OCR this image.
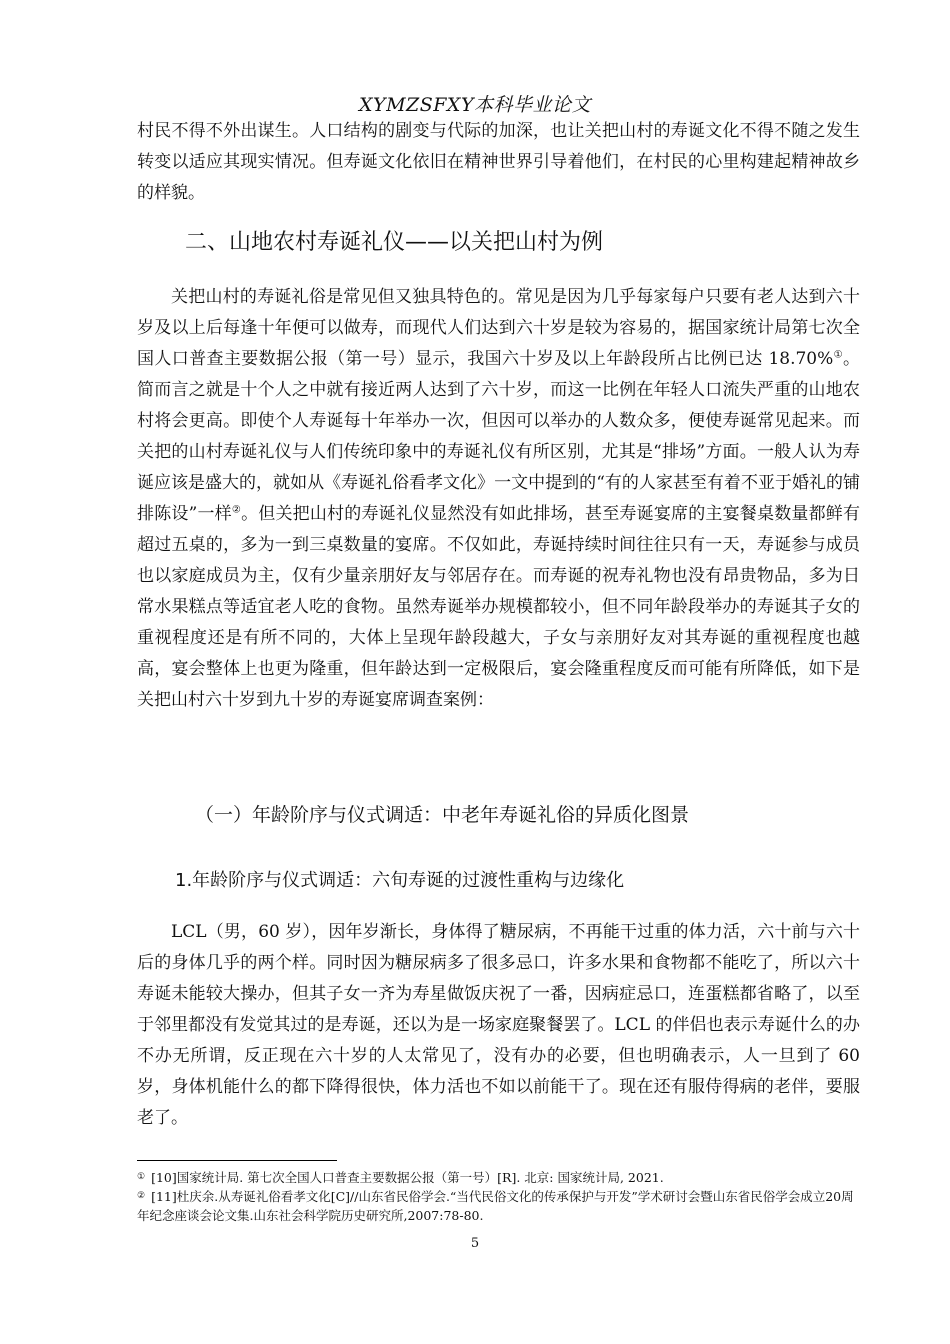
XYMZSFXY本科毕业论文

村民不得不外出谋生。人口结构的剧变与代际的加深，也让关把山村的寿诞文化不得不随之发生转变以适应其现实情况。但寿诞文化依旧在精神世界引导着他们，在村民的心里构建起精神故乡的样貌。

二、山地农村寿诞礼仪——以关把山村为例

关把山村的寿诞礼俗是常见但又独具特色的。常见是因为几乎每家每户只要有老人达到六十岁及以上后每逢十年便可以做寿，而现代人们达到六十岁是较为容易的，据国家统计局第七次全国人口普查主要数据公报（第一号）显示，我国六十岁及以上年龄段所占比例已达 18.70%①。简而言之就是十个人之中就有接近两人达到了六十岁，而这一比例在年轻人口流失严重的山地农村将会更高。即使个人寿诞每十年举办一次，但因可以举办的人数众多，便使寿诞常见起来。而关把的山村寿诞礼仪与人们传统印象中的寿诞礼仪有所区别，尤其是“排场”方面。一般人认为寿诞应该是盛大的，就如从《寿诞礼俗看孝文化》一文中提到的“有的人家甚至有着不亚于婚礼的铺排陈设”一样②。但关把山村的寿诞礼仪显然没有如此排场，甚至寿诞宴席的主宴餐桌数量都鲜有超过五桌的，多为一到三桌数量的宴席。不仅如此，寿诞持续时间往往只有一天，寿诞参与成员也以家庭成员为主，仅有少量亲朋好友与邻居存在。而寿诞的祝寿礼物也没有昂贵物品，多为日常水果糕点等适宜老人吃的食物。虽然寿诞举办规模都较小，但不同年龄段举办的寿诞其子女的重视程度还是有所不同的，大体上呈现年龄段越大，子女与亲朋好友对其寿诞的重视程度也越高，宴会整体上也更为隆重，但年龄达到一定极限后，宴会隆重程度反而可能有所降低，如下是关把山村六十岁到九十岁的寿诞宴席调查案例：

（一）年龄阶序与仪式调适：中老年寿诞礼俗的异质化图景
1.年龄阶序与仪式调适：六旬寿诞的过渡性重构与边缘化

LCL（男，60 岁），因年岁渐长，身体得了糖尿病，不再能干过重的体力活，六十前与六十后的身体几乎的两个样。同时因为糖尿病多了很多忌口，许多水果和食物都不能吃了，所以六十寿诞未能较大操办，但其子女一齐为寿星做饭庆祝了一番，因病症忌口，连蛋糕都省略了，以至于邻里都没有发觉其过的是寿诞，还以为是一场家庭聚餐罢了。LCL 的伴侣也表示寿诞什么的办不办无所谓，反正现在六十岁的人太常见了，没有办的必要，但也明确表示，人一旦到了 60 岁，身体机能什么的都下降得很快，体力活也不如以前能干了。现在还有服侍得病的老伴，要服老了。

① [10]国家统计局. 第七次全国人口普查主要数据公报（第一号）[R]. 北京: 国家统计局, 2021.

② [11]杜庆余.从寿诞礼俗看孝文化[C]//山东省民俗学会.“当代民俗文化的传承保护与开发”学术研讨会暨山东省民俗学会成立20周年纪念座谈会论文集.山东社会科学院历史研究所,2007:78-80.

5
